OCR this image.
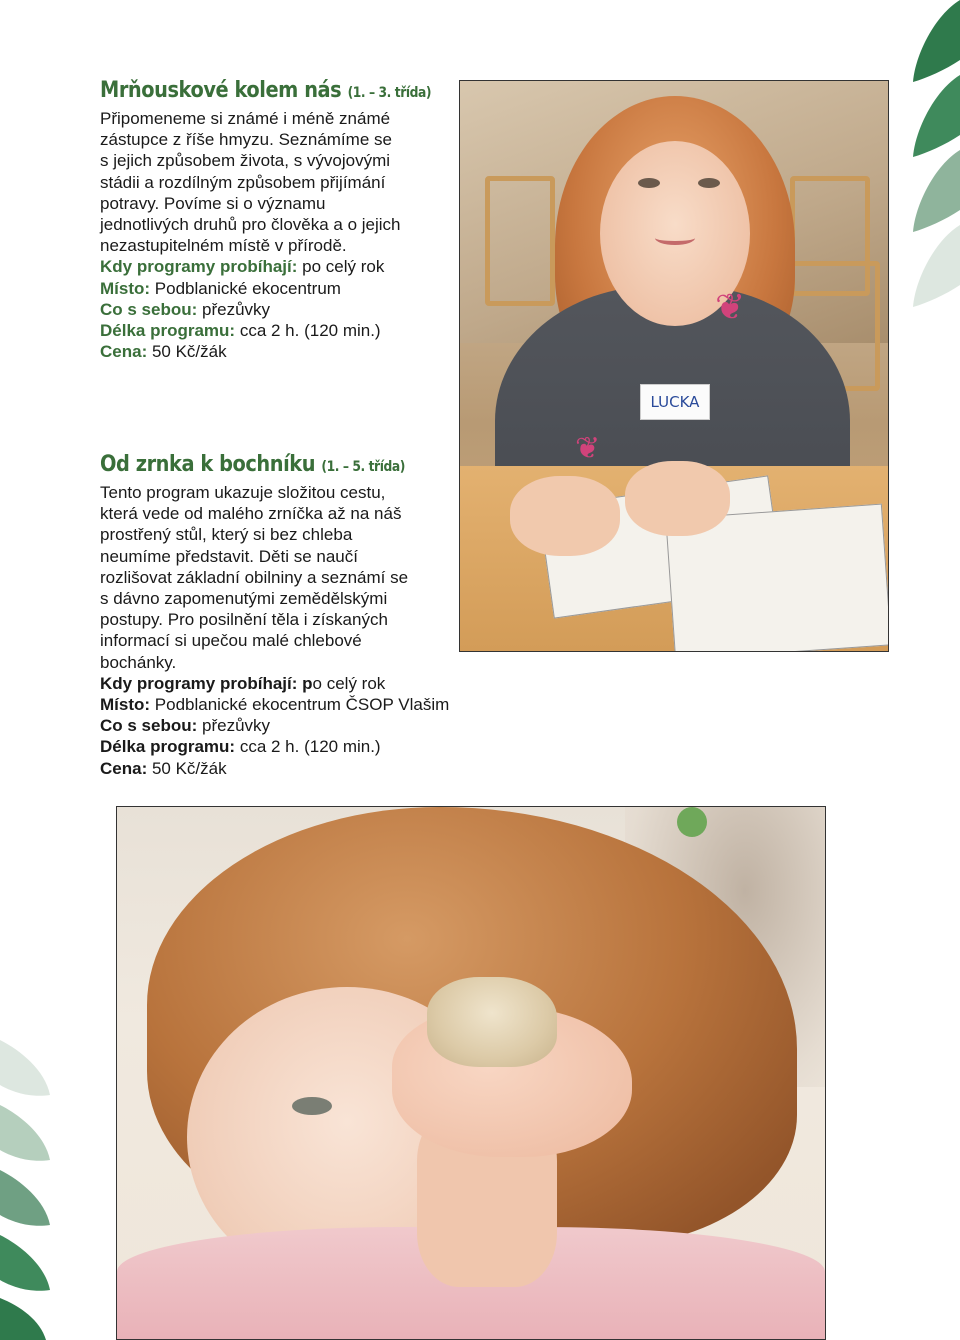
Mrňouskové kolem nás (1. – 3. třída)

Připomeneme si známé i méně známé
zástupce z říše hmyzu. Seznámíme se
s jejich způsobem života, s vývojovými
stádii a rozdílným způsobem přijímání
potravy. Povíme si o významu
jednotlivých druhů pro člověka a o jejich
nezastupitelném místě v přírodě.

Kdy programy probíhají: po celý rok

Místo: Podblanické ekocentrum

Co s sebou: přezůvky

Délka programu: cca 2 h. (120 min.)

Cena: 50 Kč/žák

❦
❦
LUCKA
Od zrnka k bochníku (1. – 5. třída)

Tento program ukazuje složitou cestu,
která vede od malého zrníčka až na náš
prostřený stůl, který si bez chleba
neumíme představit. Děti se naučí
rozlišovat základní obilniny a seznámí se
s dávno zapomenutými zemědělskými
postupy. Pro posilnění těla i získaných
informací si upečou malé chlebové
bochánky.

Kdy programy probíhají: po celý rok

Místo: Podblanické ekocentrum ČSOP Vlašim

Co s sebou: přezůvky

Délka programu: cca 2 h. (120 min.)

Cena: 50 Kč/žák
